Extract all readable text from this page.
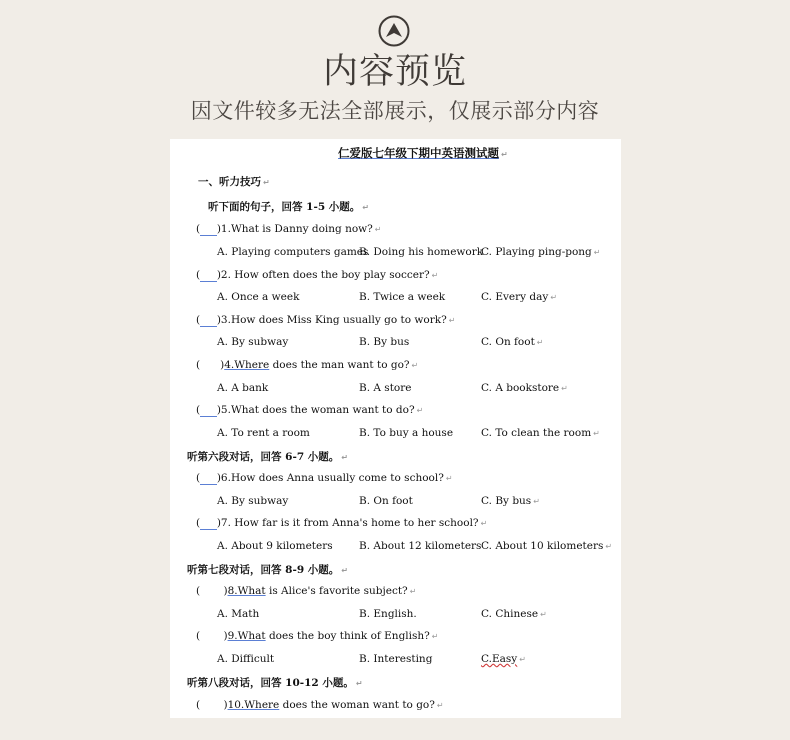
内容预览
因文件较多无法全部展示，仅展示部分内容
仁爱版七年级下期中英语测试题 ↵
一、听力技巧 ↵
听下面的句子，回答 1-5 小题。 ↵
( )1.What is Danny doing now? ↵
A. Playing computers games
B. Doing his homework
C. Playing ping-pong ↵
( )2. How often does the boy play soccer? ↵
A. Once a week	B. Twice a week	C. Every day ↵
( )3.How does Miss King usually go to work? ↵
A. By subway	B. By bus	C. On foot ↵
(      )4.Where does the man want to go? ↵
A. A bank	B. A store	C. A bookstore ↵
( )5.What does the woman want to do? ↵
A. To rent a room	B. To buy a house	C. To clean the room ↵
听第六段对话，回答 6-7 小题。 ↵
( )6.How does Anna usually come to school? ↵
A. By subway	B. On foot	C. By bus ↵
( )7. How far is it from Anna's home to her school? ↵
A. About 9 kilometers	B. About 12 kilometers C. About 10 kilometers ↵
听第七段对话，回答 8-9 小题。 ↵
(       )8.What is Alice's favorite subject? ↵
A. Math	B. English.	C. Chinese ↵
(       )9.What does the boy think of English? ↵
A. Difficult	B. Interesting	C.Easy ↵
听第八段对话，回答 10-12 小题。 ↵
(       )10.Where does the woman want to go? ↵
